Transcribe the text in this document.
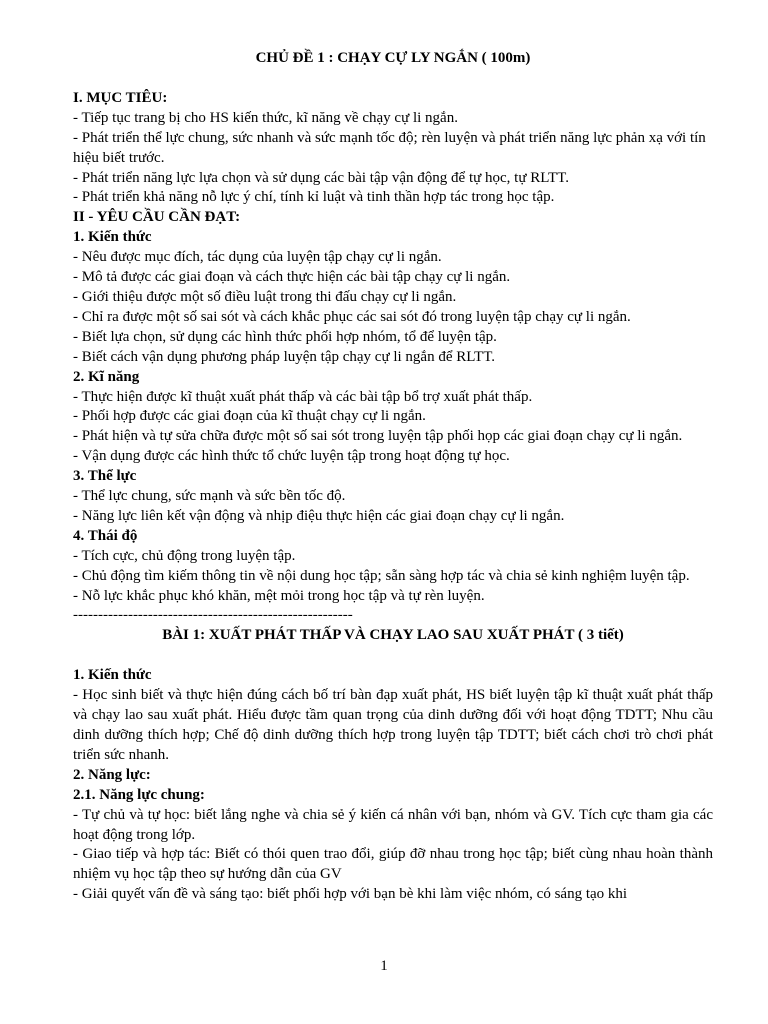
CHỦ ĐỀ 1 : CHẠY CỰ LY NGẮN ( 100m)
I. MỤC TIÊU:
- Tiếp tục trang bị cho HS kiến thức, kĩ năng về chạy cự li ngắn.
- Phát triển thể lực chung, sức nhanh và sức mạnh tốc độ; rèn luyện và phát triển năng lực phản xạ với tín hiệu biết trước.
- Phát triển năng lực lựa chọn và sử dụng các bài tập vận động để tự học, tự RLTT.
- Phát triển khả năng nỗ lực ý chí, tính kỉ luật và tinh thần hợp tác trong học tập.
II - YÊU CẦU CẦN ĐẠT:
1. Kiến thức
- Nêu được mục đích, tác dụng của luyện tập chạy cự li ngắn.
- Mô tả được các giai đoạn và cách thực hiện các bài tập chạy cự li ngắn.
- Giới thiệu được một số điều luật trong thi đấu chạy cự li ngắn.
- Chỉ ra được một số sai sót và cách khắc phục các sai sót đó trong luyện tập chạy cự li ngắn.
- Biết lựa chọn, sử dụng các hình thức phối hợp nhóm, tổ để luyện tập.
- Biết cách vận dụng phương pháp luyện tập chạy cự li ngắn để RLTT.
2. Kĩ năng
- Thực hiện được kĩ thuật xuất phát thấp và các bài tập bổ trợ xuất phát thấp.
- Phối hợp được các giai đoạn của kĩ thuật chạy cự li ngắn.
- Phát hiện và tự sửa chữa được một số sai sót trong luyện tập phối họp các giai đoạn chạy cự li ngắn.
- Vận dụng được các hình thức tổ chức luyện tập trong hoạt động tự học.
3. Thể lực
- Thể lực chung, sức mạnh và sức bền tốc độ.
- Năng lực liên kết vận động và nhịp điệu thực hiện các giai đoạn chạy cự li ngắn.
4. Thái độ
- Tích cực, chủ động trong luyện tập.
- Chủ động tìm kiếm thông tin về nội dung học tập; sẵn sàng hợp tác và chia sẻ kinh nghiệm luyện tập.
- Nỗ lực khắc phục khó khăn, mệt mỏi trong học tập và tự rèn luyện.
--------------------------------------------------------
BÀI 1: XUẤT PHÁT THẤP VÀ CHẠY LAO SAU XUẤT PHÁT ( 3 tiết)
1. Kiến thức
- Học sinh biết và thực hiện đúng cách bố trí bàn đạp xuất phát, HS biết luyện tập kĩ thuật xuất phát thấp và chạy lao sau xuất phát. Hiểu được tầm quan trọng của dinh dưỡng đối với hoạt động TDTT; Nhu cầu dinh dưỡng thích hợp; Chế độ dinh dưỡng thích hợp trong luyện tập TDTT; biết cách chơi trò chơi phát triển sức nhanh.
2. Năng lực:
2.1. Năng lực chung:
- Tự chủ và tự học: biết lắng nghe và chia sẻ ý kiến cá nhân với bạn, nhóm và GV. Tích cực tham gia các hoạt động trong lớp.
- Giao tiếp và hợp tác: Biết có thói quen trao đổi, giúp đỡ nhau trong học tập; biết cùng nhau hoàn thành nhiệm vụ học tập theo sự hướng dẫn của GV
- Giải quyết vấn đề và sáng tạo: biết phối hợp với bạn bè khi làm việc nhóm, có sáng tạo khi
1
